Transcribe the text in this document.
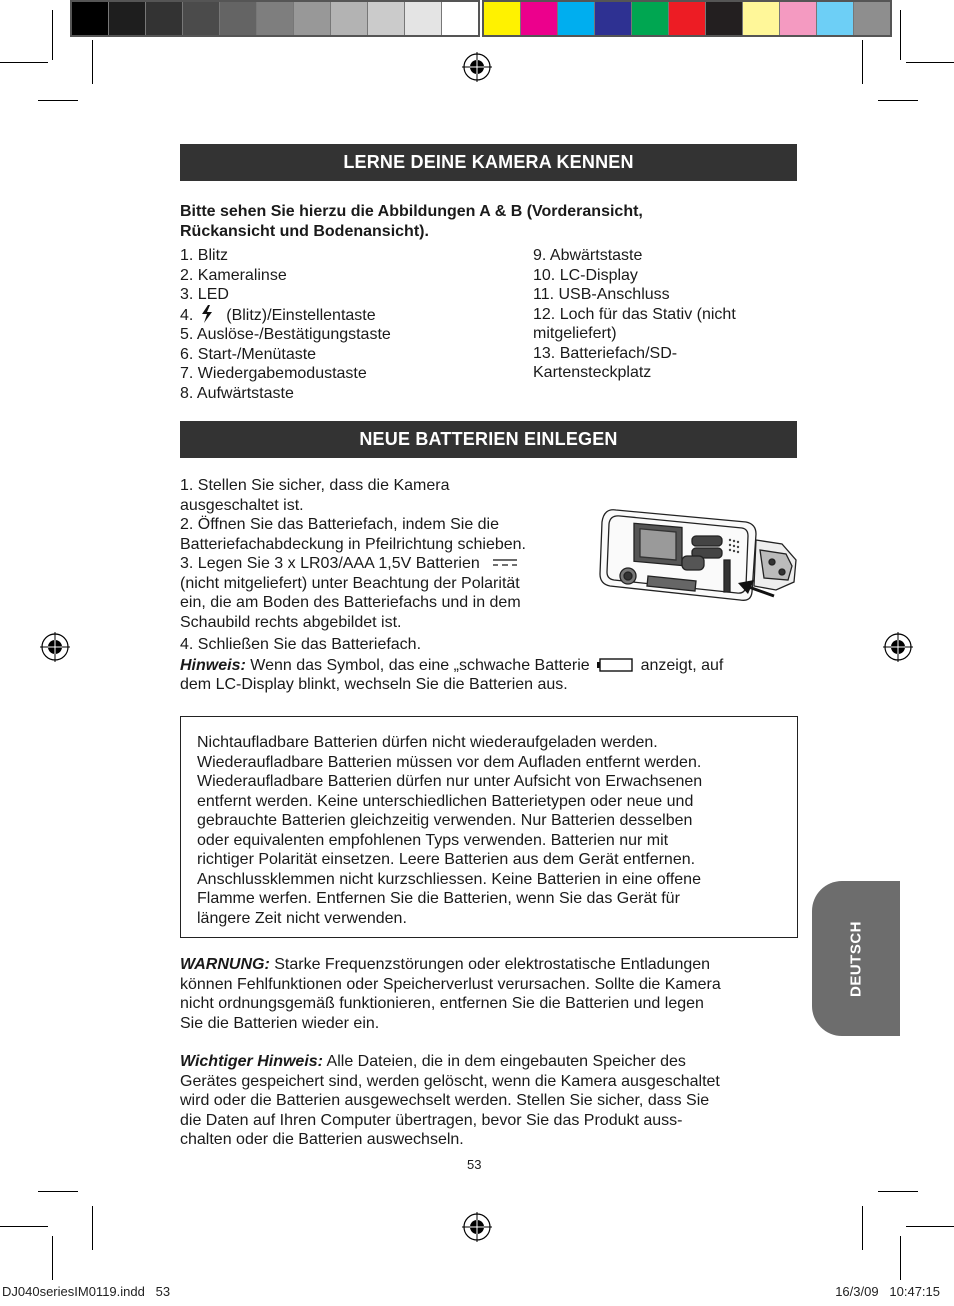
LERNE DEINE KAMERA KENNEN
Bitte sehen Sie hierzu die Abbildungen A & B (Vorderansicht,
Rückansicht und Bodenansicht).
1. Blitz
2. Kameralinse
3. LED
4. (Blitz)/Einstellentaste
5. Auslöse-/Bestätigungstaste
6. Start-/Menütaste
7. Wiedergabemodustaste
8. Aufwärtstaste
9. Abwärtstaste
10. LC-Display
11. USB-Anschluss
12. Loch für das Stativ (nicht
mitgeliefert)
13. Batteriefach/SD-
Kartensteckplatz
NEUE BATTERIEN EINLEGEN
1. Stellen Sie sicher, dass die Kamera
ausgeschaltet ist.
2. Öffnen Sie das Batteriefach, indem Sie die
Batteriefachabdeckung in Pfeilrichtung schieben.
3. Legen Sie 3 x LR03/AAA 1,5V Batterien
(nicht mitgeliefert) unter Beachtung der Polarität
ein, die am Boden des Batteriefachs und in dem
Schaubild rechts abgebildet ist.
4. Schließen Sie das Batteriefach.
Hinweis: Wenn das Symbol, das eine „schwache Batterie	anzeigt, auf
dem LC-Display blinkt, wechseln Sie die Batterien aus.
Nichtaufladbare Batterien dürfen nicht wiederaufgeladen werden.
Wiederaufladbare Batterien müssen vor dem Aufladen entfernt werden.
Wiederaufladbare Batterien dürfen nur unter Aufsicht von Erwachsenen
entfernt werden. Keine unterschiedlichen Batterietypen oder neue und
gebrauchte Batterien gleichzeitig verwenden. Nur Batterien desselben
oder equivalenten empfohlenen Typs verwenden. Batterien nur mit
richtiger Polarität einsetzen. Leere Batterien aus dem Gerät entfernen.
Anschlussklemmen nicht kurzschliessen. Keine Batterien in eine offene
Flamme werfen. Entfernen Sie die Batterien, wenn Sie das Gerät für
längere Zeit nicht verwenden.
WARNUNG: Starke Frequenzstörungen oder elektrostatische Entladungen
können Fehlfunktionen oder Speicherverlust verursachen. Sollte die Kamera
nicht ordnungsgemäß funktionieren, entfernen Sie die Batterien und legen
Sie die Batterien wieder ein.
Wichtiger Hinweis: Alle Dateien, die in dem eingebauten Speicher des
Gerätes gespeichert sind, werden gelöscht, wenn die Kamera ausgeschaltet
wird oder die Batterien ausgewechselt werden. Stellen Sie sicher, dass Sie
die Daten auf Ihren Computer übertragen, bevor Sie das Produkt auss-
chalten oder die Batterien auswechseln.
53
DEUTSCH
DJ040seriesIM0119.indd   53	16/3/09   10:47:15
